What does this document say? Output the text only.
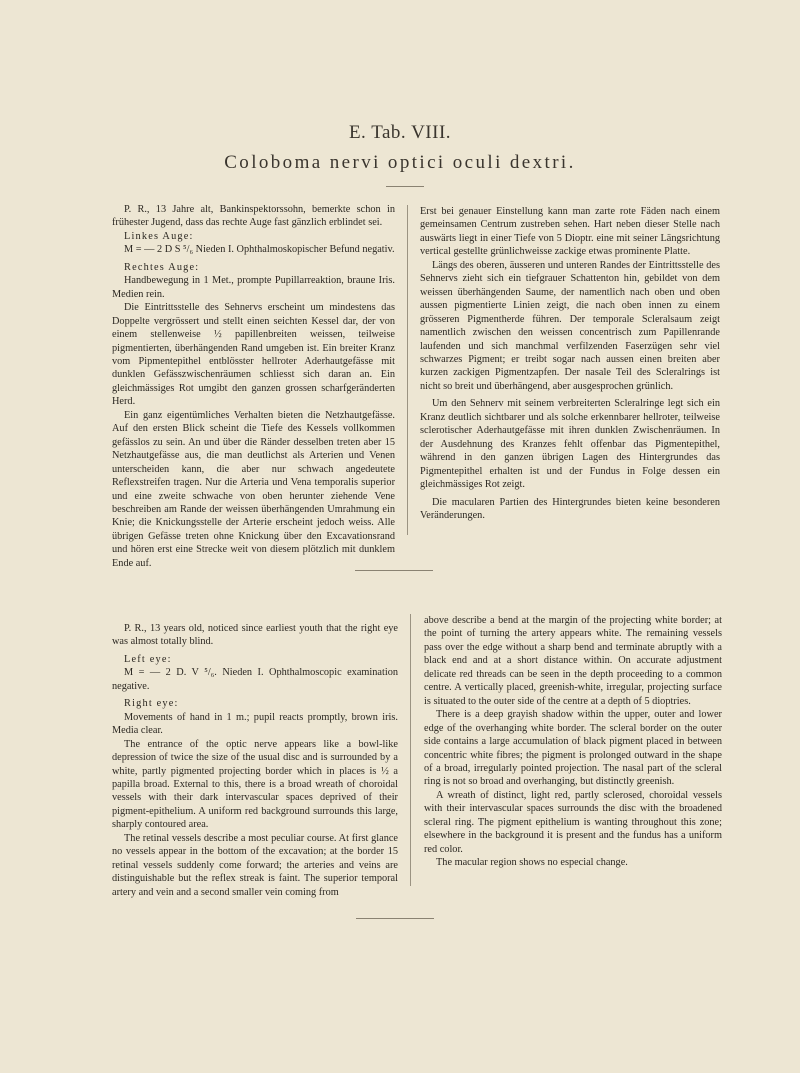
E. Tab. VIII.
Coloboma nervi optici oculi dextri.

P. R., 13 Jahre alt, Bankinspektorssohn, bemerkte schon in frühester Jugend, dass das rechte Auge fast gänzlich erblindet sei.

Linkes Auge:

M = — 2 D S ⁵/₆ Nieden I. Ophthalmoskopischer Befund negativ.

Rechtes Auge:

Handbewegung in 1 Met., prompte Pupillarreaktion, braune Iris. Medien rein.

Die Eintrittsstelle des Sehnervs erscheint um mindestens das Doppelte vergrössert und stellt einen seichten Kessel dar, der von einem stellenweise ½ papillenbreiten weissen, teilweise pigmentierten, überhängenden Rand umgeben ist. Ein breiter Kranz vom Pipmentepithel entblösster hellroter Aderhautgefässe mit dunklen Gefässzwischenräumen schliesst sich daran an. Ein gleichmässiges Rot umgibt den ganzen grossen scharfgeränderten Herd.

Ein ganz eigentümliches Verhalten bieten die Netzhautgefässe. Auf den ersten Blick scheint die Tiefe des Kessels vollkommen gefässlos zu sein. An und über die Ränder desselben treten aber 15 Netzhautgefässe aus, die man deutlichst als Arterien und Venen unterscheiden kann, die aber nur schwach angedeutete Reflexstreifen tragen. Nur die Arteria und Vena temporalis superior und eine zweite schwache von oben herunter ziehende Vene beschreiben am Rande der weissen überhängenden Umrahmung ein Knie; die Knickungsstelle der Arterie erscheint jedoch weiss. Alle übrigen Gefässe treten ohne Knickung über den Excavationsrand und hören erst eine Strecke weit von diesem plötzlich mit dunklem Ende auf.

Erst bei genauer Einstellung kann man zarte rote Fäden nach einem gemeinsamen Centrum zustreben sehen. Hart neben dieser Stelle nach auswärts liegt in einer Tiefe von 5 Dioptr. eine mit seiner Längsrichtung vertical gestellte grünlichweisse zackige etwas prominente Platte.

Längs des oberen, äusseren und unteren Randes der Eintrittsstelle des Sehnervs zieht sich ein tiefgrauer Schattenton hin, gebildet von dem weissen überhängenden Saume, der namentlich nach oben und oben aussen pigmentierte Linien zeigt, die nach oben innen zu einem grösseren Pigmentherde führen. Der temporale Scleralsaum zeigt namentlich zwischen den weissen concentrisch zum Papillenrande laufenden und sich manchmal verfilzenden Faserzügen sehr viel schwarzes Pigment; er treibt sogar nach aussen einen breiten aber kurzen zackigen Pigmentzapfen. Der nasale Teil des Scleralrings ist nicht so breit und überhängend, aber ausgesprochen grünlich.

Um den Sehnerv mit seinem verbreiterten Scleralringe legt sich ein Kranz deutlich sichtbarer und als solche erkennbarer hellroter, teilweise sclerotischer Aderhautgefässe mit ihren dunklen Zwischenräumen. In der Ausdehnung des Kranzes fehlt offenbar das Pigmentepithel, während in den ganzen übrigen Lagen des Hintergrundes das Pigmentepithel erhalten ist und der Fundus in Folge dessen ein gleichmässiges Rot zeigt.

Die macularen Partien des Hintergrundes bieten keine besonderen Veränderungen.

P. R., 13 years old, noticed since earliest youth that the right eye was almost totally blind.

Left eye:

M = — 2 D. V ⁵/₆. Nieden I. Ophthalmoscopic examination negative.

Right eye:

Movements of hand in 1 m.; pupil reacts promptly, brown iris. Media clear.

The entrance of the optic nerve appears like a bowl-like depression of twice the size of the usual disc and is surrounded by a white, partly pigmented projecting border which in places is ½ a papilla broad. External to this, there is a broad wreath of choroidal vessels with their dark intervascular spaces deprived of their pigment-epithelium. A uniform red background surrounds this large, sharply contoured area.

The retinal vessels describe a most peculiar course. At first glance no vessels appear in the bottom of the excavation; at the border 15 retinal vessels suddenly come forward; the arteries and veins are distinguishable but the reflex streak is faint. The superior temporal artery and vein and a second smaller vein coming from

above describe a bend at the margin of the projecting white border; at the point of turning the artery appears white. The remaining vessels pass over the edge without a sharp bend and terminate abruptly with a black end and at a short distance within. On accurate adjustment delicate red threads can be seen in the depth proceeding to a common centre. A vertically placed, greenish-white, irregular, projecting surface is situated to the outer side of the centre at a depth of 5 dioptries.

There is a deep grayish shadow within the upper, outer and lower edge of the overhanging white border. The scleral border on the outer side contains a large accumulation of black pigment placed in between concentric white fibres; the pigment is prolonged outward in the shape of a broad, irregularly pointed projection. The nasal part of the scleral ring is not so broad and overhanging, but distinctly greenish.

A wreath of distinct, light red, partly sclerosed, choroidal vessels with their intervascular spaces surrounds the disc with the broadened scleral ring. The pigment epithelium is wanting throughout this zone; elsewhere in the background it is present and the fundus has a uniform red color.

The macular region shows no especial change.
